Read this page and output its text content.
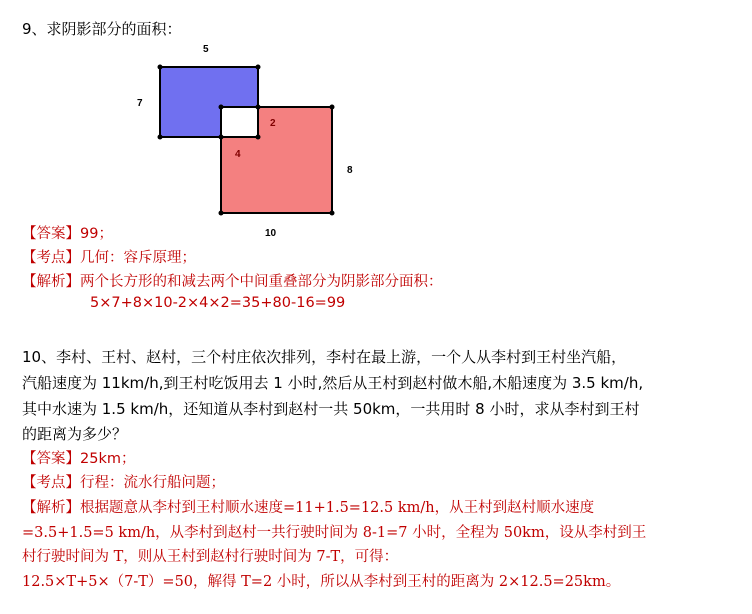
9、求阴影部分的面积：
5
7
2
4
8
10
【答案】99；
【考点】几何：容斥原理；
【解析】两个长方形的和减去两个中间重叠部分为阴影部分面积：
5×7+8×10-2×4×2=35+80-16=99
10、李村、王村、赵村，三个村庄依次排列，李村在最上游，一个人从李村到王村坐汽船，
汽船速度为 11km/h,到王村吃饭用去 1 小时,然后从王村到赵村做木船,木船速度为 3.5 km/h,
其中水速为 1.5 km/h，还知道从李村到赵村一共 50km，一共用时 8 小时，求从李村到王村
的距离为多少？
【答案】25km；
【考点】行程：流水行船问题；
【解析】根据题意从李村到王村顺水速度=11+1.5=12.5 km/h，从王村到赵村顺水速度
=3.5+1.5=5 km/h，从李村到赵村一共行驶时间为 8-1=7 小时，全程为 50km，设从李村到王
村行驶时间为 T，则从王村到赵村行驶时间为 7-T，可得：
12.5×T+5×（7-T）=50，解得 T=2 小时，所以从李村到王村的距离为 2×12.5=25km。
